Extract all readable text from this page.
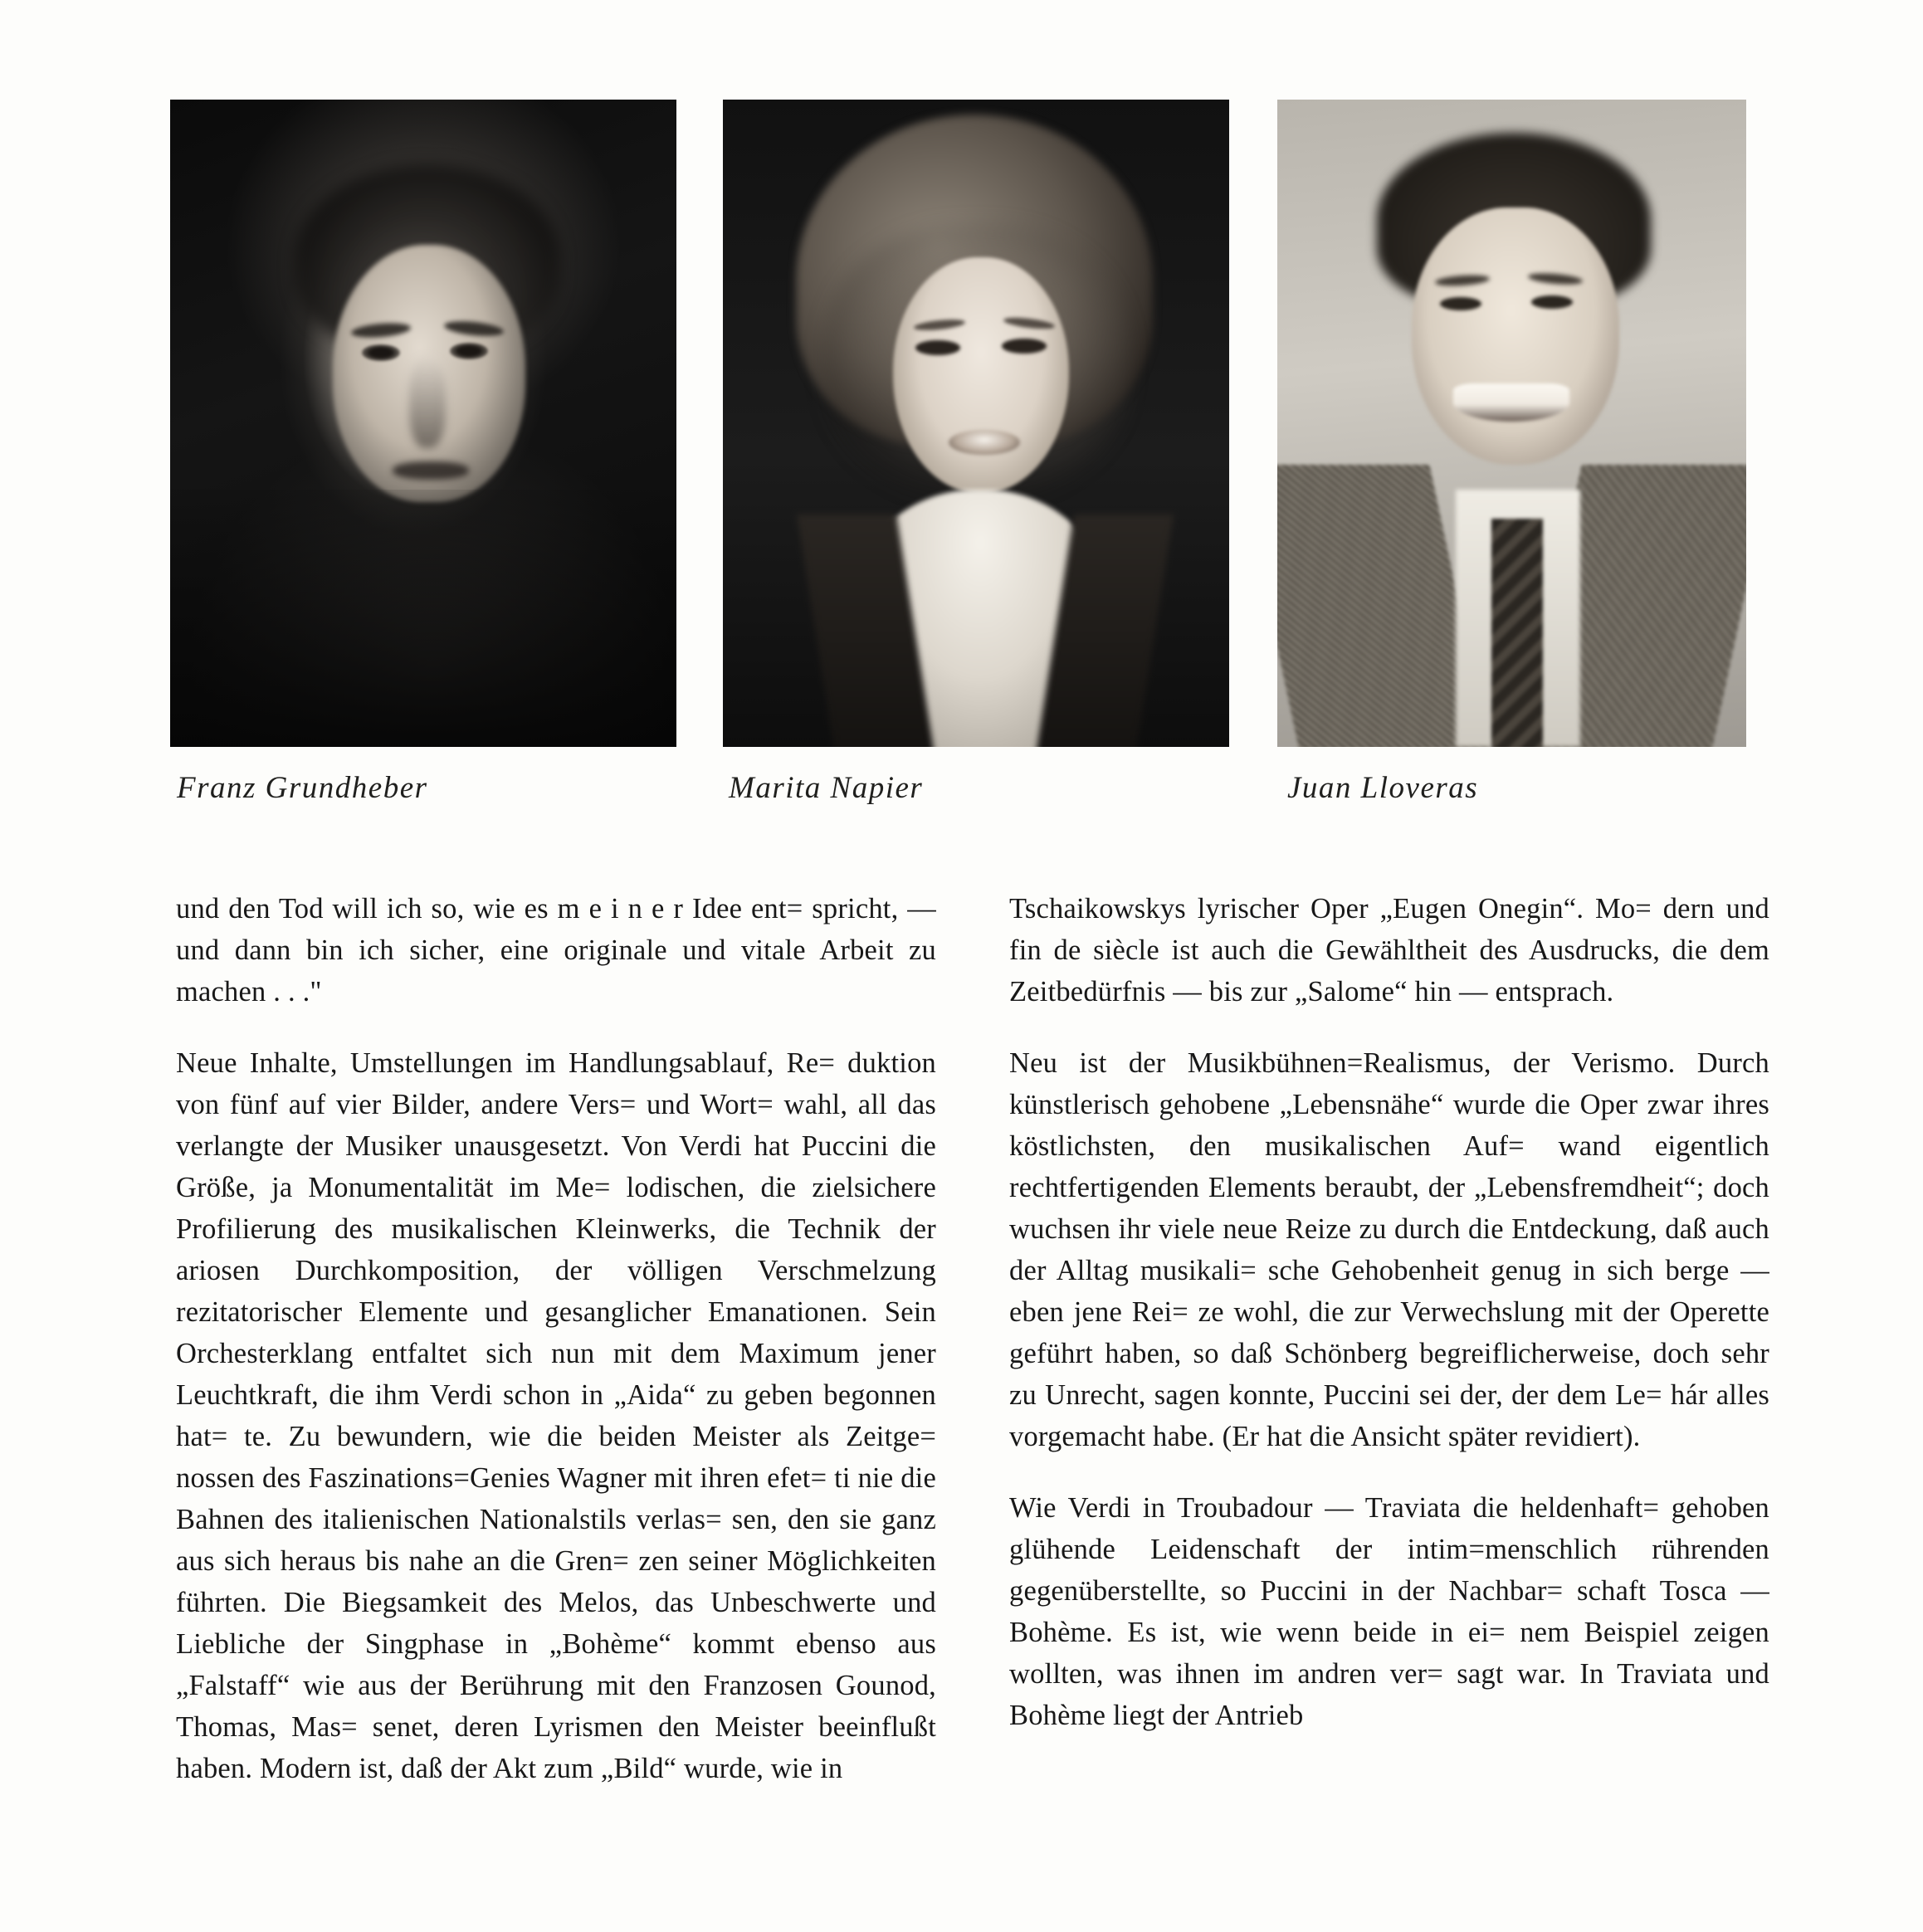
Franz Grundheber	Marita Napier	Juan Lloveras

und den Tod will ich so, wie es m e i n e r Idee ent= spricht, — und dann bin ich sicher, eine originale und vitale Arbeit zu machen . . ."

Neue Inhalte, Umstellungen im Handlungsablauf, Re= duktion von fünf auf vier Bilder, andere Vers= und Wort= wahl, all das verlangte der Musiker unausgesetzt. Von Verdi hat Puccini die Größe, ja Monumentalität im Me= lodischen, die zielsichere Profilierung des musikalischen Kleinwerks, die Technik der ariosen Durchkomposition, der völligen Verschmelzung rezitatorischer Elemente und gesanglicher Emanationen. Sein Orchesterklang entfaltet sich nun mit dem Maximum jener Leuchtkraft, die ihm Verdi schon in „Aida“ zu geben begonnen hat= te. Zu bewundern, wie die beiden Meister als Zeitge= nossen des Faszinations=Genies Wagner mit ihren efet= ti nie die Bahnen des italienischen Nationalstils verlas= sen, den sie ganz aus sich heraus bis nahe an die Gren= zen seiner Möglichkeiten führten. Die Biegsamkeit des Melos, das Unbeschwerte und Liebliche der Singphase in „Bohème“ kommt ebenso aus „Falstaff“ wie aus der Berührung mit den Franzosen Gounod, Thomas, Mas= senet, deren Lyrismen den Meister beeinflußt haben. Modern ist, daß der Akt zum „Bild“ wurde, wie in

Tschaikowskys lyrischer Oper „Eugen Onegin“. Mo= dern und fin de siècle ist auch die Gewähltheit des Ausdrucks, die dem Zeitbedürfnis — bis zur „Salome“ hin — entsprach.

Neu ist der Musikbühnen=Realismus, der Verismo. Durch künstlerisch gehobene „Lebensnähe“ wurde die Oper zwar ihres köstlichsten, den musikalischen Auf= wand eigentlich rechtfertigenden Elements beraubt, der „Lebensfremdheit“; doch wuchsen ihr viele neue Reize zu durch die Entdeckung, daß auch der Alltag musikali= sche Gehobenheit genug in sich berge — eben jene Rei= ze wohl, die zur Verwechslung mit der Operette geführt haben, so daß Schönberg begreiflicherweise, doch sehr zu Unrecht, sagen konnte, Puccini sei der, der dem Le= hár alles vorgemacht habe. (Er hat die Ansicht später revidiert).

Wie Verdi in Troubadour — Traviata die heldenhaft= gehoben glühende Leidenschaft der intim=menschlich rührenden gegenüberstellte, so Puccini in der Nachbar= schaft Tosca — Bohème. Es ist, wie wenn beide in ei= nem Beispiel zeigen wollten, was ihnen im andren ver= sagt war. In Traviata und Bohème liegt der Antrieb
